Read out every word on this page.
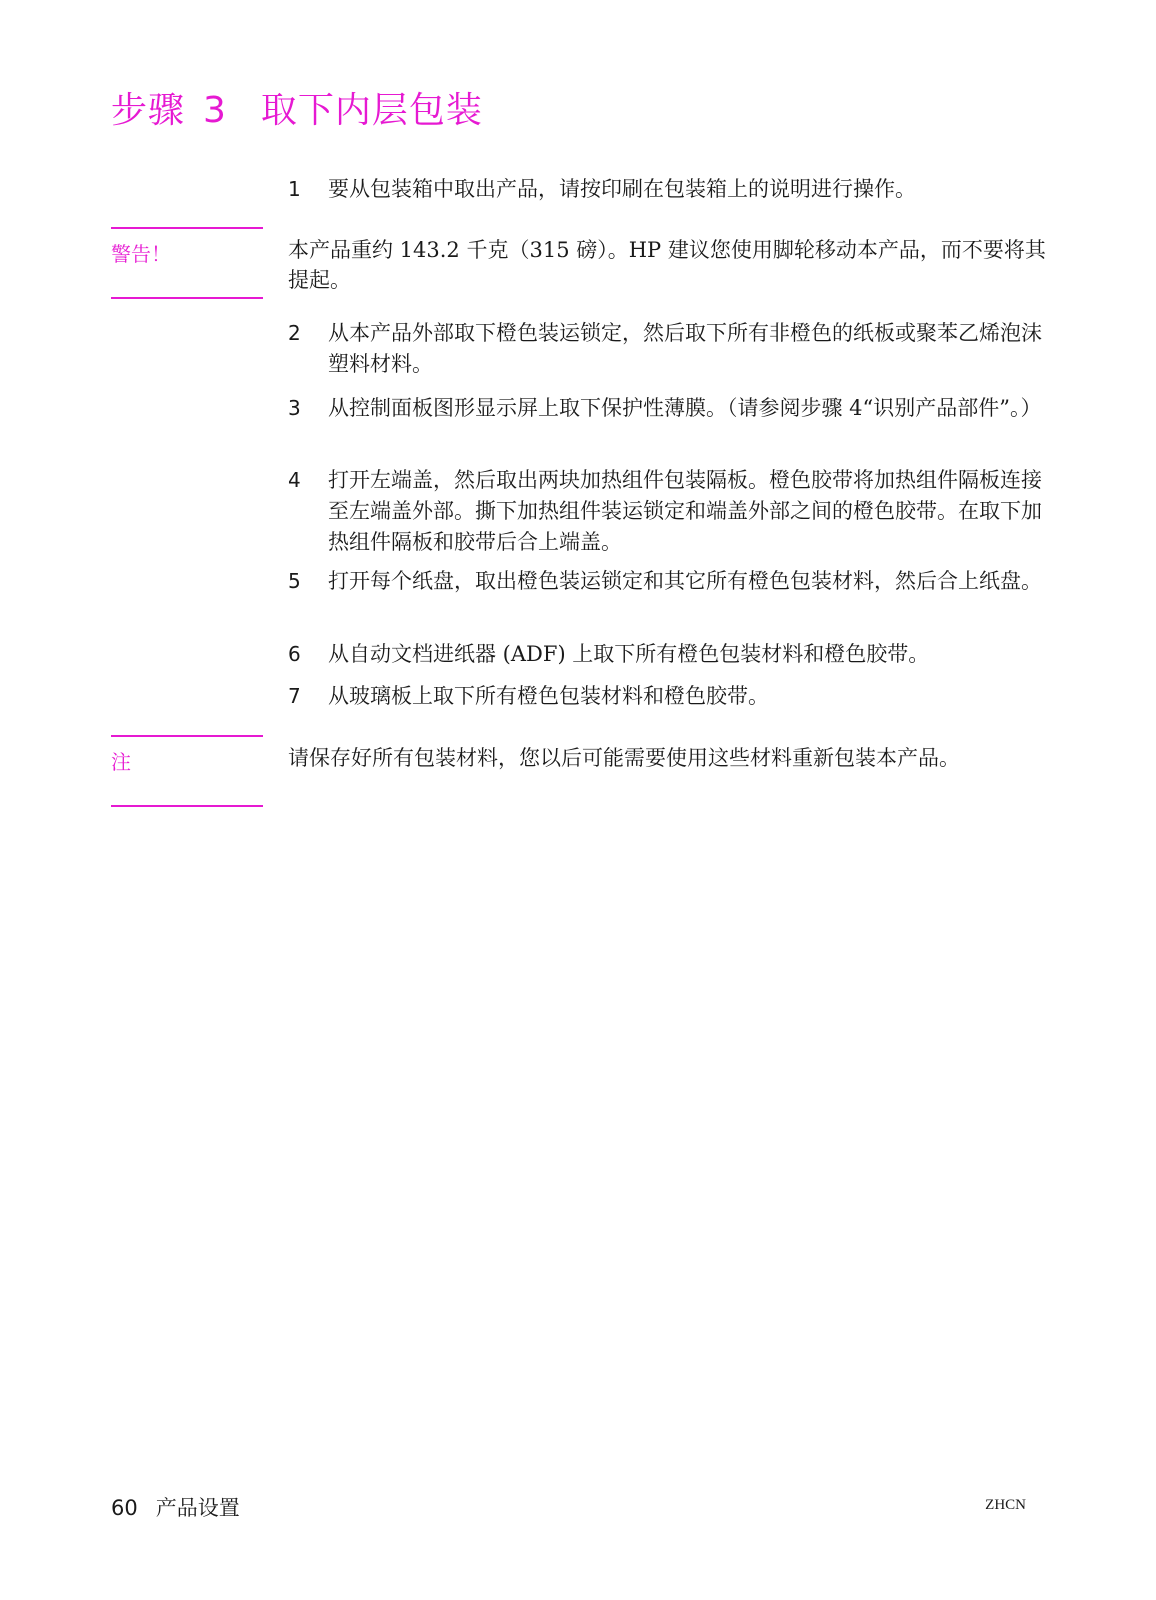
步骤 3 取下内层包装
1 要从包装箱中取出产品，请按印刷在包装箱上的说明进行操作。
警告！	本产品重约 143.2 千克（315 磅）。HP 建议您使用脚轮移动本产品，而不要将其提起。
2 从本产品外部取下橙色装运锁定，然后取下所有非橙色的纸板或聚苯乙烯泡沫塑料材料。
3 从控制面板图形显示屏上取下保护性薄膜。（请参阅步骤 4“识别产品部件”。）
4 打开左端盖，然后取出两块加热组件包装隔板。橙色胶带将加热组件隔板连接至左端盖外部。撕下加热组件装运锁定和端盖外部之间的橙色胶带。在取下加热组件隔板和胶带后合上端盖。
5 打开每个纸盘，取出橙色装运锁定和其它所有橙色包装材料，然后合上纸盘。
6 从自动文档进纸器 (ADF) 上取下所有橙色包装材料和橙色胶带。
7 从玻璃板上取下所有橙色包装材料和橙色胶带。
注	请保存好所有包装材料，您以后可能需要使用这些材料重新包装本产品。
60 产品设置	ZHCN
